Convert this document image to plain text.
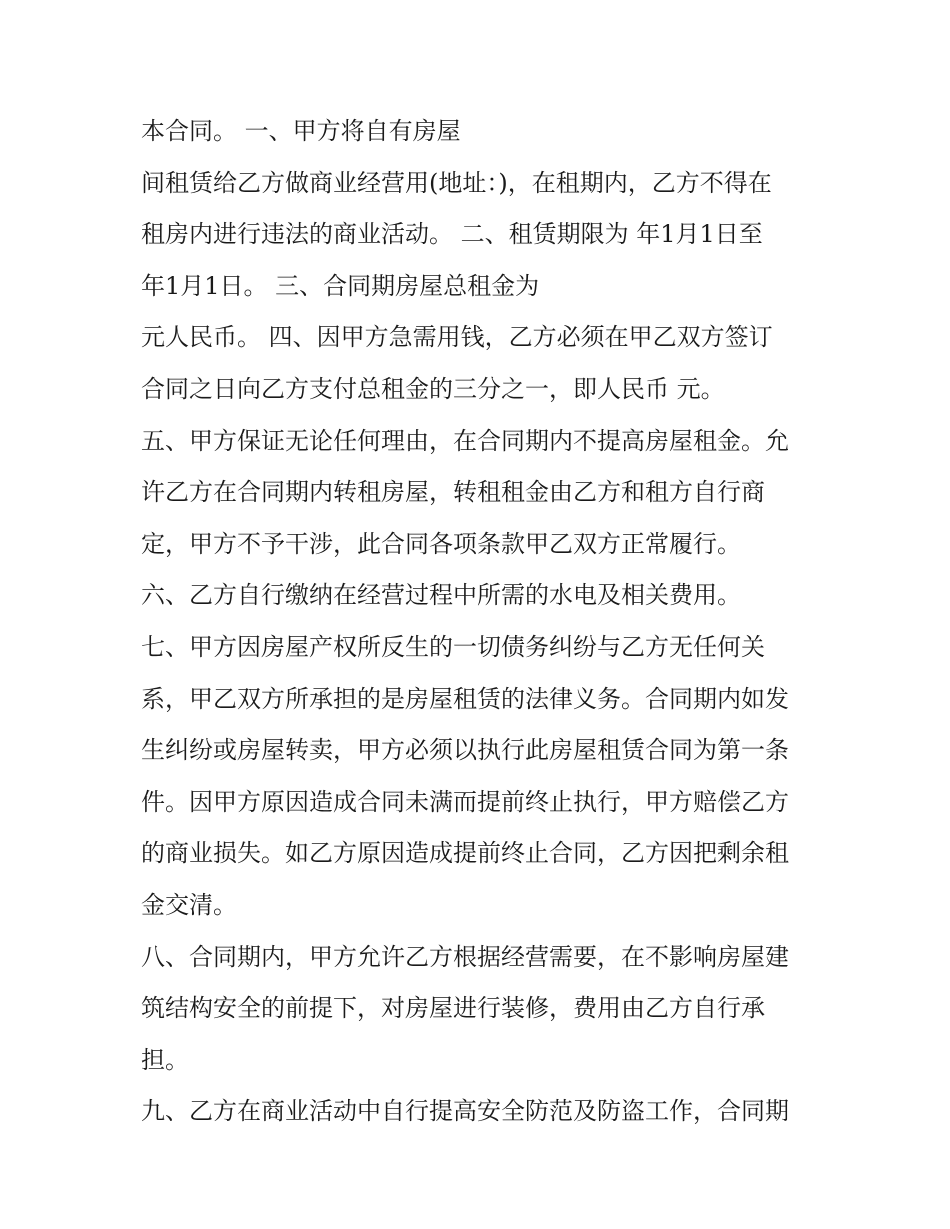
本合同。 一、甲方将自有房屋
间租赁给乙方做商业经营用(地址：)，在租期内，乙方不得在
租房内进行违法的商业活动。 二、租赁期限为 年1月1日至
年1月1日。 三、合同期房屋总租金为
元人民币。 四、因甲方急需用钱，乙方必须在甲乙双方签订
合同之日向乙方支付总租金的三分之一，即人民币 元。
五、甲方保证无论任何理由，在合同期内不提高房屋租金。允
许乙方在合同期内转租房屋，转租租金由乙方和租方自行商
定，甲方不予干涉，此合同各项条款甲乙双方正常履行。
六、乙方自行缴纳在经营过程中所需的水电及相关费用。
七、甲方因房屋产权所反生的一切债务纠纷与乙方无任何关
系，甲乙双方所承担的是房屋租赁的法律义务。合同期内如发
生纠纷或房屋转卖，甲方必须以执行此房屋租赁合同为第一条
件。因甲方原因造成合同未满而提前终止执行，甲方赔偿乙方
的商业损失。如乙方原因造成提前终止合同，乙方因把剩余租
金交清。
八、合同期内，甲方允许乙方根据经营需要，在不影响房屋建
筑结构安全的前提下，对房屋进行装修，费用由乙方自行承
担。
九、乙方在商业活动中自行提高安全防范及防盗工作，合同期
